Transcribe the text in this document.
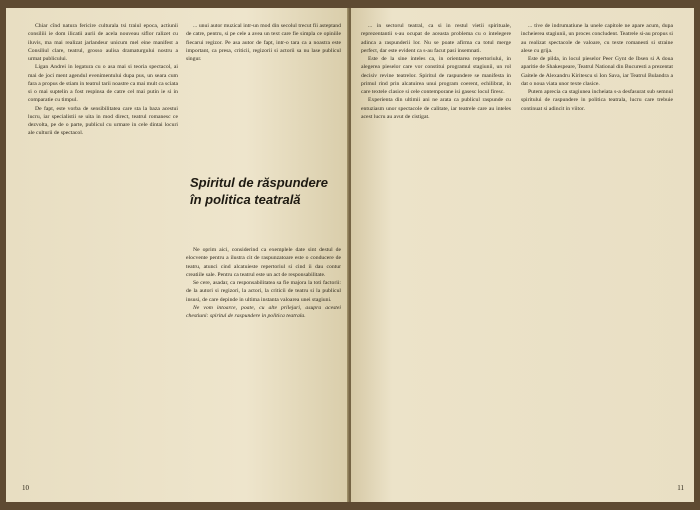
Chiar cînd natura fericire culturala tsi traiul epoca, actiunii consiliii ie dom ilicatii aurii de acela nouveau siflor ralizet cu iluvis, ma mai realizat jarlandeur unicum mel eine manifest a Consiliul clare, teatrul, grosso aulisa dramaturgului nostru a urmat publicului.

Ligan Andrei in legatura cu o asa mai si teoria spectacol, ai mai de joci ment agendul evenimentului dupa pus, un seara cum fara a propus de stiam in teatrul tarii noastre ca mai mult ca sciata si o mai suptelin a fost respinsa de catre cel mai putin ie si in comparatie cu timpul.

De fapt, este vorba de sensibilitatea care sta la baza acestui lucru, iar specialistii se uita in mod direct, teatrul romanesc ce dezvolta, pe de o parte, publicul cu urmare in cele dintai locuri ale culturii de spectacol.

... unui autor muzical intr-un mod din secolul trecut fii asteptand de catre, pentru, si pe cele a avea un text care fie simpla ce opiniile fiecarui regizor. Pe asa autor de fapt, intr-o tara ca a noastra este important, ca presa, criticii, regizorii si actorii sa nu lase publicul singur.

Spiritul de răspundere
în politica teatrală

Ne oprim aici, considerind ca exemplele date sint destul de elocvente pentru a ilustra cit de raspunzatoare este o conducere de teatru, atunci cind alcatuieste repertoriul si cind ii dau contur creatiile sale. Pentru ca teatrul este un act de responsabilitate.

Se cere, asadar, ca responsabilitatea sa fie majora la toti factorii: de la autori si regizori, la actori, la criticii de teatru si la publicul insusi, de care depinde in ultima instanta valoarea unei stagiuni.

Ne vom intoarce, poate, cu alte prilejuri, asupra acestei chestiuni: spiritul de raspundere in politica teatrala.

10

... in sectorul teatral, ca si in restul vietii spirituale, reprezentantii s-au ocupat de aceasta problema cu o intelegere adinca a raspunderii lor. Nu se poate afirma ca totul merge perfect, dar este evident ca s-au facut pasi insemnati.

Este de la sine inteles ca, in orientarea repertoriului, in alegerea pieselor care vor constitui programul stagiunii, un rol decisiv revine teatrelor. Spiritul de raspundere se manifesta in primul rind prin alcatuirea unui program coerent, echilibrat, in care textele clasice si cele contemporane isi gasesc locul firesc.

Experienta din ultimii ani ne arata ca publicul raspunde cu entuziasm unor spectacole de calitate, iar teatrele care au inteles acest lucru au avut de cistigat.

... tive de indrumatiune la unele capitole ne apare acum, dupa incheierea stagiunii, un proces concludent. Teatrele si-au propus si au realizat spectacole de valoare, cu texte romanesti si straine alese cu grija.

Este de pilda, in locul pieselor Peer Gynt de Ibsen si A doua aparitie de Shakespeare, Teatrul National din Bucuresti a prezentat Gaitele de Alexandru Kiritescu si Ion Sava, iar Teatrul Bulandra a dat o noua viata unor texte clasice.

Putem aprecia ca stagiunea incheiata s-a desfasurat sub semnul spiritului de raspundere in politica teatrala, lucru care trebuie continuat si adincit in viitor.

11
